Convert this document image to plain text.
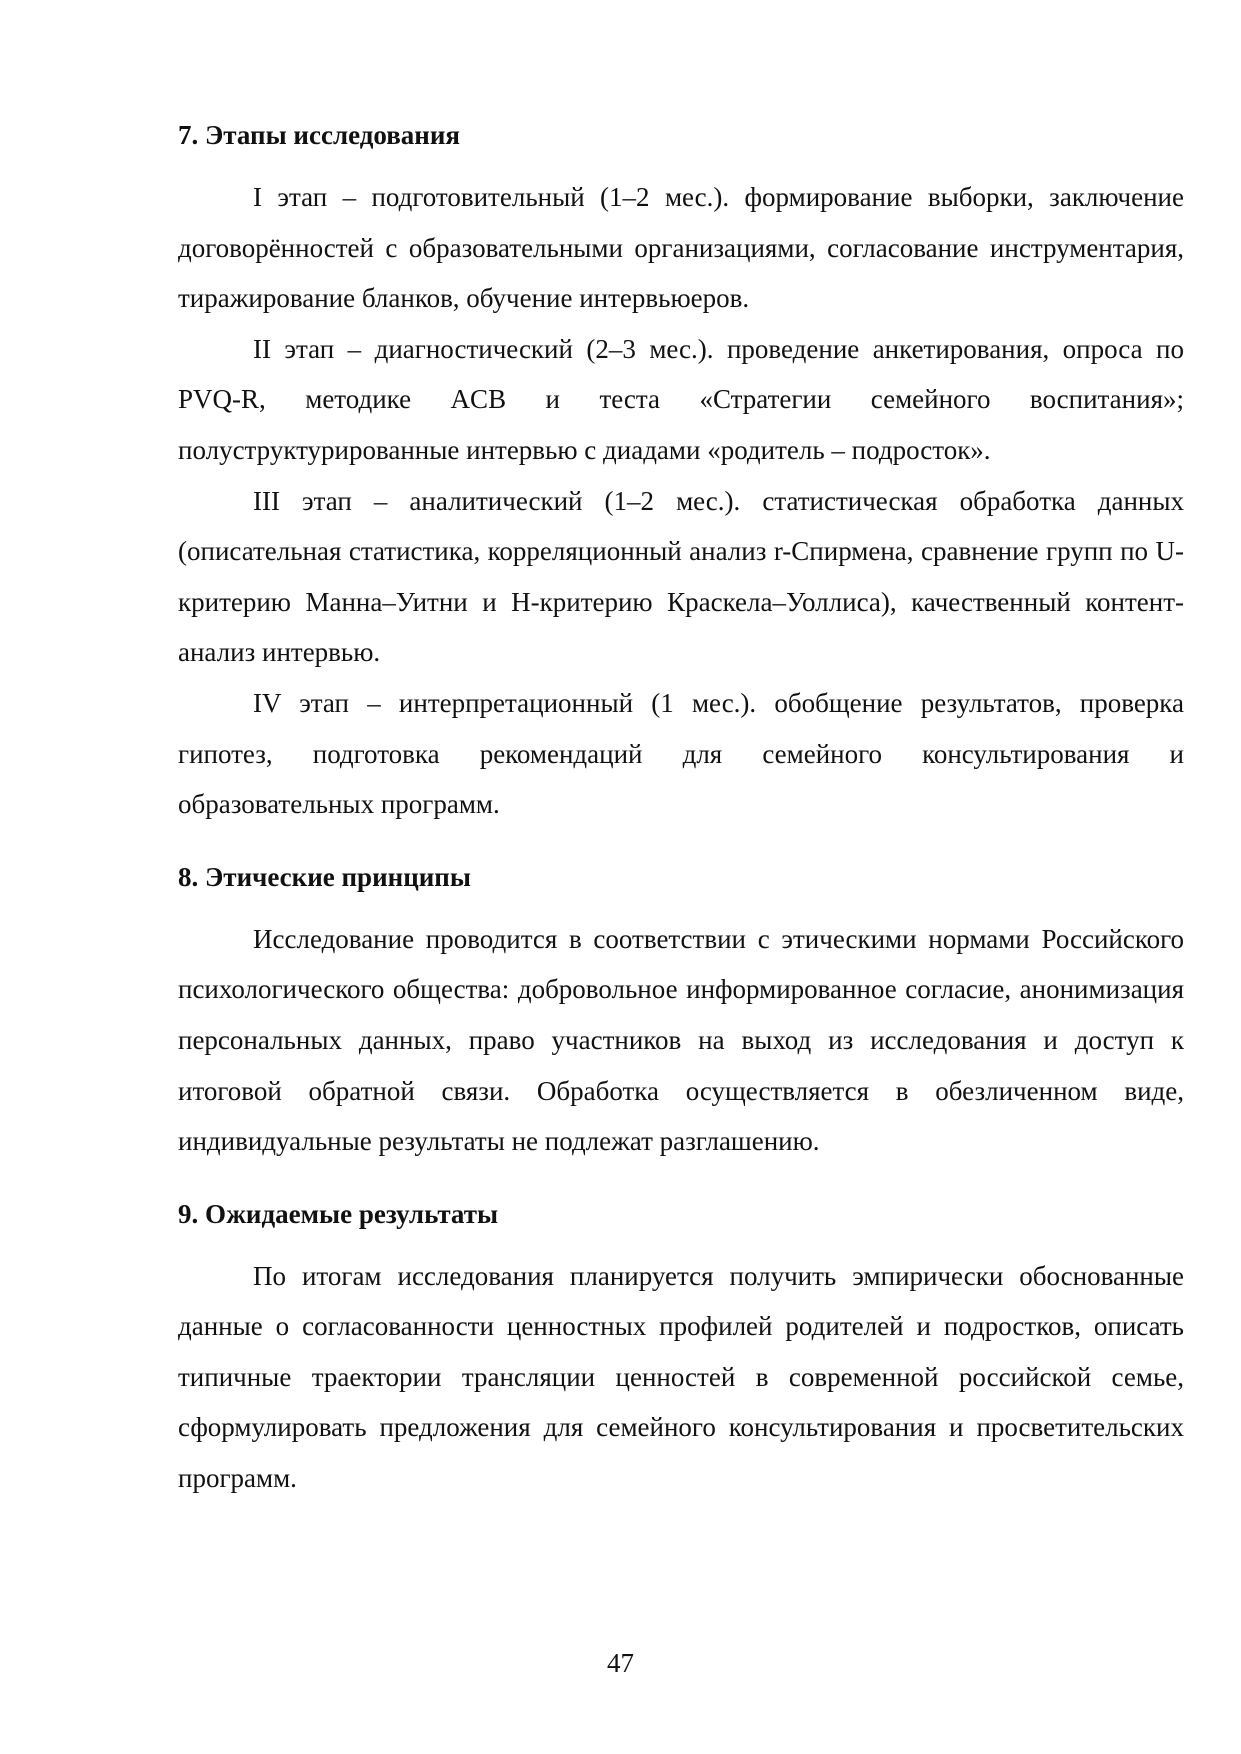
7. Этапы исследования

I этап – подготовительный (1–2 мес.). формирование выборки, заключение договорённостей с образовательными организациями, согласование инструментария, тиражирование бланков, обучение интервьюеров.

II этап – диагностический (2–3 мес.). проведение анкетирования, опроса по PVQ-R, методике ACB и теста «Стратегии семейного воспитания»; полуструктурированные интервью с диадами «родитель – подросток».

III этап – аналитический (1–2 мес.). статистическая обработка данных (описательная статистика, корреляционный анализ r-Спирмена, сравнение групп по U-критерию Манна–Уитни и H-критерию Краскела–Уоллиса), качественный контент-анализ интервью.

IV этап – интерпретационный (1 мес.). обобщение результатов, проверка гипотез, подготовка рекомендаций для семейного консультирования и образовательных программ.

8. Этические принципы

Исследование проводится в соответствии с этическими нормами Российского психологического общества: добровольное информированное согласие, анонимизация персональных данных, право участников на выход из исследования и доступ к итоговой обратной связи. Обработка осуществляется в обезличенном виде, индивидуальные результаты не подлежат разглашению.

9. Ожидаемые результаты

По итогам исследования планируется получить эмпирически обоснованные данные о согласованности ценностных профилей родителей и подростков, описать типичные траектории трансляции ценностей в современной российской семье, сформулировать предложения для семейного консультирования и просветительских программ.

47
